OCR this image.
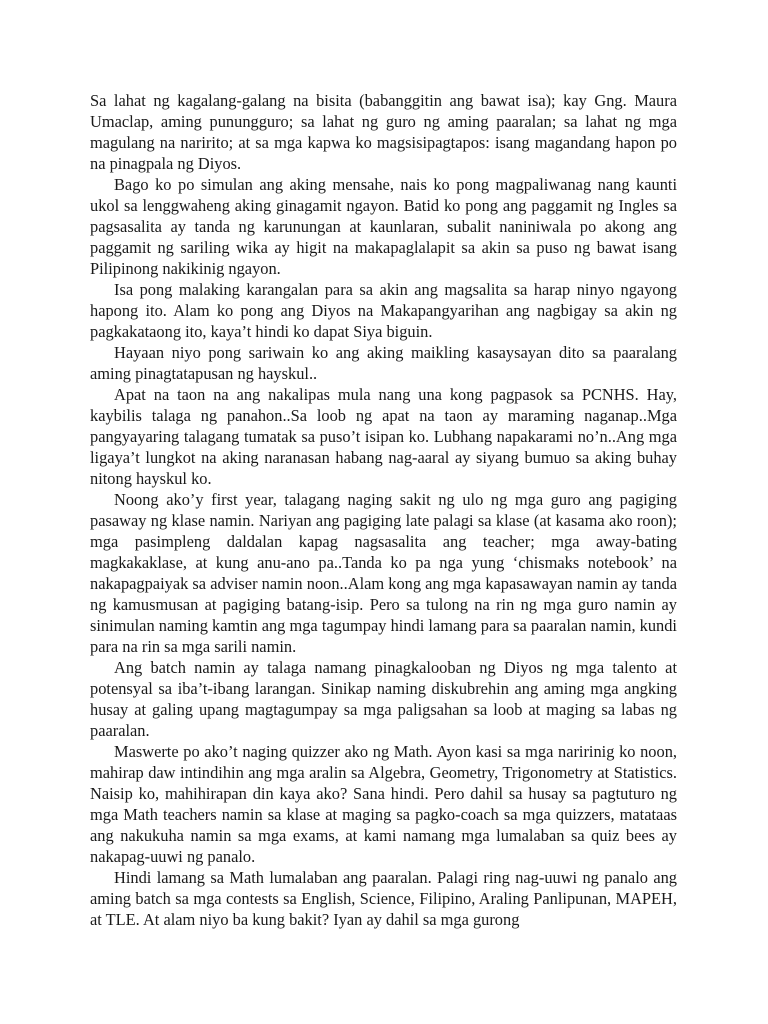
Sa lahat ng kagalang-galang na bisita (babanggitin ang bawat isa); kay Gng. Maura Umaclap, aming punungguro; sa lahat ng guro ng aming paaralan; sa lahat ng mga magulang na naririto; at sa mga kapwa ko magsisipagtapos: isang magandang hapon po na pinagpala ng Diyos.

Bago ko po simulan ang aking mensahe, nais ko pong magpaliwanag nang kaunti ukol sa lenggwaheng aking ginagamit ngayon. Batid ko pong ang paggamit ng Ingles sa pagsasalita ay tanda ng karunungan at kaunlaran, subalit naniniwala po akong ang paggamit ng sariling wika ay higit na makapaglalapit sa akin sa puso ng bawat isang Pilipinong nakikinig ngayon.

Isa pong malaking karangalan para sa akin ang magsalita sa harap ninyo ngayong hapong ito. Alam ko pong ang Diyos na Makapangyarihan ang nagbigay sa akin ng pagkakataong ito, kaya’t hindi ko dapat Siya biguin.

Hayaan niyo pong sariwain ko ang aking maikling kasaysayan dito sa paaralang aming pinagtatapusan ng hayskul..

Apat na taon na ang nakalipas mula nang una kong pagpasok sa PCNHS. Hay, kaybilis talaga ng panahon..Sa loob ng apat na taon ay maraming naganap..Mga pangyayaring talagang tumatak sa puso’t isipan ko. Lubhang napakarami no’n..Ang mga ligaya’t lungkot na aking naranasan habang nag-aaral ay siyang bumuo sa aking buhay nitong hayskul ko.

Noong ako’y first year, talagang naging sakit ng ulo ng mga guro ang pagiging pasaway ng klase namin. Nariyan ang pagiging late palagi sa klase (at kasama ako roon); mga pasimpleng daldalan kapag nagsasalita ang teacher; mga away-bating magkakaklase, at kung anu-ano pa..Tanda ko pa nga yung ‘chismaks notebook’ na nakapagpaiyak sa adviser namin noon..Alam kong ang mga kapasawayan namin ay tanda ng kamusmusan at pagiging batang-isip. Pero sa tulong na rin ng mga guro namin ay sinimulan naming kamtin ang mga tagumpay hindi lamang para sa paaralan namin, kundi para na rin sa mga sarili namin.

Ang batch namin ay talaga namang pinagkalooban ng Diyos ng mga talento at potensyal sa iba’t-ibang larangan. Sinikap naming diskubrehin ang aming mga angking husay at galing upang magtagumpay sa mga paligsahan sa loob at maging sa labas ng paaralan.

Maswerte po ako’t naging quizzer ako ng Math. Ayon kasi sa mga naririnig ko noon, mahirap daw intindihin ang mga aralin sa Algebra, Geometry, Trigonometry at Statistics. Naisip ko, mahihirapan din kaya ako? Sana hindi. Pero dahil sa husay sa pagtuturo ng mga Math teachers namin sa klase at maging sa pagko-coach sa mga quizzers, matataas ang nakukuha namin sa mga exams, at kami namang mga lumalaban sa quiz bees ay nakapag-uuwi ng panalo.

Hindi lamang sa Math lumalaban ang paaralan. Palagi ring nag-uuwi ng panalo ang aming batch sa mga contests sa English, Science, Filipino, Araling Panlipunan, MAPEH, at TLE. At alam niyo ba kung bakit? Iyan ay dahil sa mga gurong
